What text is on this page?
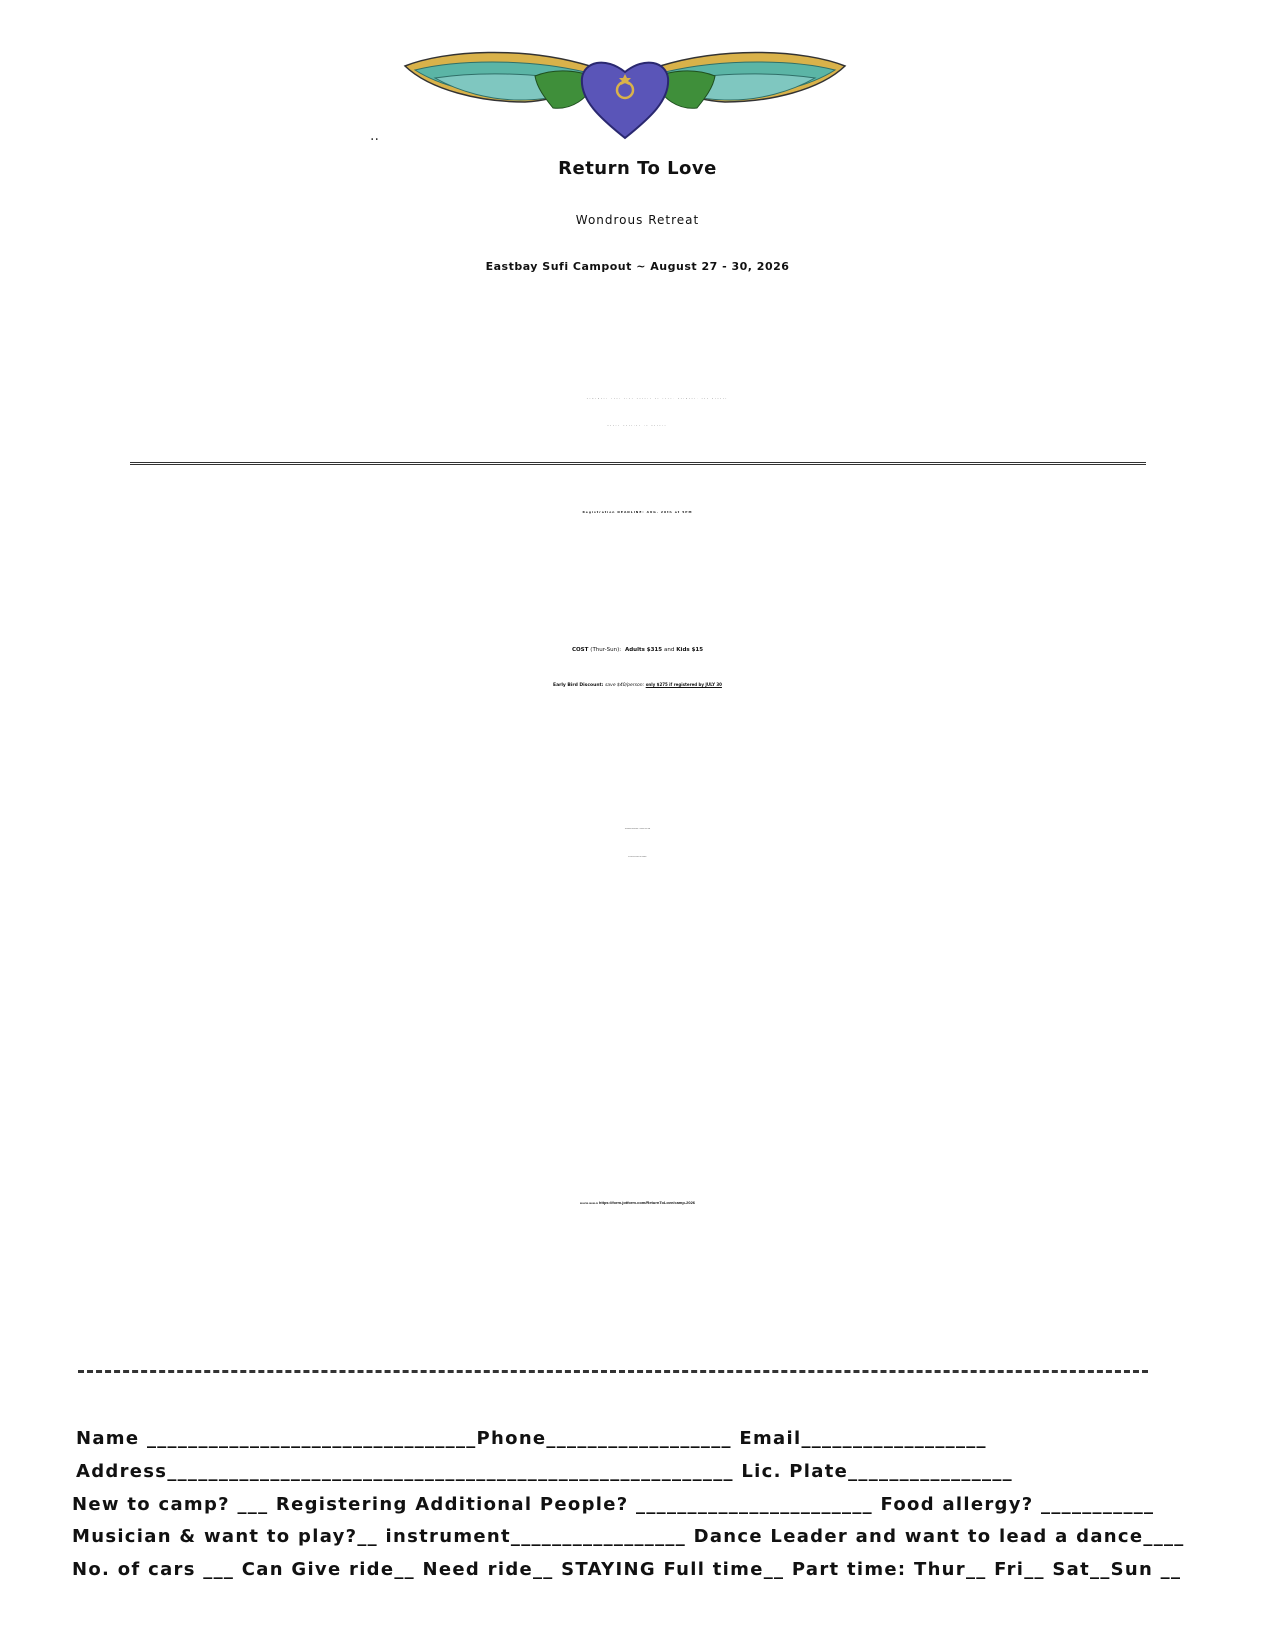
..
Return To Love
Wondrous Retreat
Eastbay Sufi Campout ~ August 27 - 30, 2026
Remember your true nature as Love, Harmony, and Beauty
Dance Outside in Nature
Registration DEADLINE: AUG. 20th at 5PM
COST (Thur-Sun): Adults $315 and Kids $15
Early Bird Discount: save $40/person: only $275 if registered by JULY 30
Scholarship application... deadline: July 30th
No drop-ins please. Do Register!
REGISTER ONLINE AT: https://form.jotform.com/ReturnToLove/camp-2026

Name ________________________________Phone__________________ Email__________________
Address_______________________________________________________ Lic. Plate________________
New to camp? ___ Registering Additional People? _______________________ Food allergy? ___________
Musician & want to play?__ instrument_________________ Dance Leader and want to lead a dance____
No. of cars ___ Can Give ride__ Need ride__ STAYING Full time__ Part time: Thur__ Fri__ Sat__Sun __
